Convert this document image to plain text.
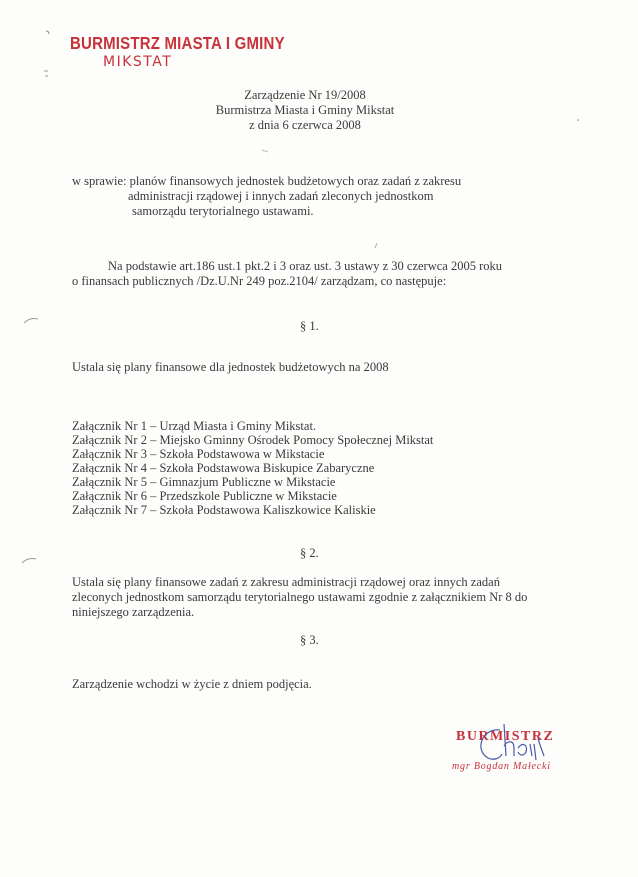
BURMISTRZ MIASTA I GMINY
MIKSTAT
Zarządzenie Nr 19/2008
Burmistrza Miasta i Gminy Mikstat
z dnia 6 czerwca 2008
w sprawie: planów finansowych jednostek budżetowych oraz zadań z zakresu
administracji rządowej i innych zadań zleconych jednostkom
samorządu terytorialnego ustawami.
Na podstawie art.186 ust.1 pkt.2 i 3 oraz ust. 3 ustawy z 30 czerwca 2005 roku
o finansach publicznych /Dz.U.Nr 249 poz.2104/ zarządzam, co następuje:
§ 1.
Ustala się plany finansowe dla jednostek budżetowych na 2008
Załącznik Nr 1 – Urząd Miasta i Gminy Mikstat.
Załącznik Nr 2 – Miejsko Gminny Ośrodek Pomocy Społecznej Mikstat
Załącznik Nr 3 – Szkoła Podstawowa w Mikstacie
Załącznik Nr 4 – Szkoła Podstawowa Biskupice Zabaryczne
Załącznik Nr 5 – Gimnazjum Publiczne w Mikstacie
Załącznik Nr 6 – Przedszkole Publiczne w Mikstacie
Załącznik Nr 7 – Szkoła Podstawowa Kaliszkowice Kaliskie
§ 2.
Ustala się plany finansowe zadań z zakresu administracji rządowej oraz innych zadań
zleconych jednostkom samorządu terytorialnego ustawami zgodnie z załącznikiem Nr 8 do
niniejszego zarządzenia.
§ 3.
Zarządzenie wchodzi w życie z dniem podjęcia.
BURMISTRZ
mgr Bogdan Małecki
